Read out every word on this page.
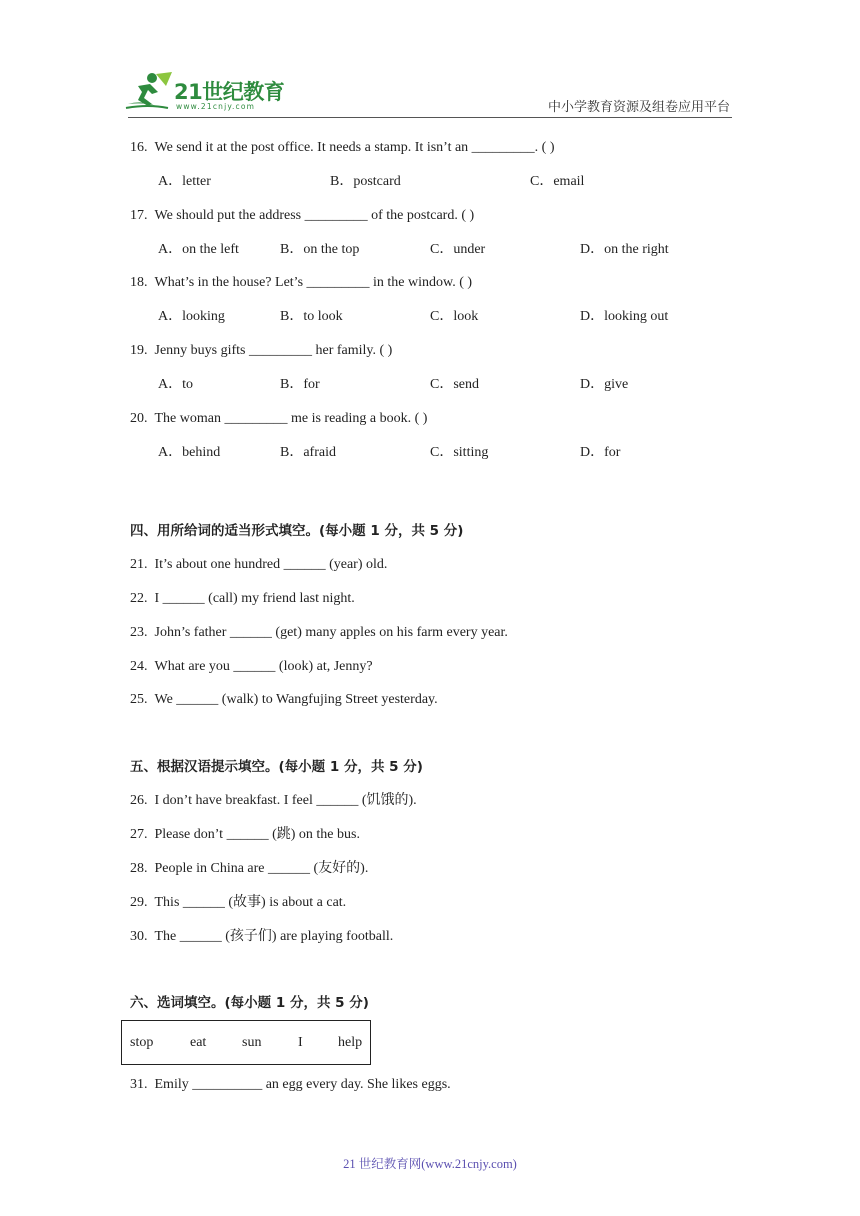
21世纪教育
www.21cnjy.com	中小学教育资源及组卷应用平台
16. We send it at the post office. It needs a stamp. It isn’t an _________. ( )
A．letter	B．postcard	C．email
17. We should put the address _________ of the postcard. ( )
A．on the left	B．on the top	C．under	D．on the right
18. What’s in the house? Let’s _________ in the window. ( )
A．looking	B．to look	C．look	D．looking out
19. Jenny buys gifts _________ her family. ( )
A．to	B．for	C．send	D．give
20. The woman _________ me is reading a book. ( )
A．behind	B．afraid	C．sitting	D．for
四、用所给词的适当形式填空。(每小题 1 分，共 5 分)
21. It’s about one hundred ______ (year) old.
22. I ______ (call) my friend last night.
23. John’s father ______ (get) many apples on his farm every year.
24. What are you ______ (look) at, Jenny?
25. We ______ (walk) to Wangfujing Street yesterday.
五、根据汉语提示填空。(每小题 1 分，共 5 分)
26. I don’t have breakfast. I feel ______ (饥饿的).
27. Please don’t ______ (跳) on the bus.
28. People in China are ______ (友好的).
29. This ______ (故事) is about a cat.
30. The ______ (孩子们) are playing football.
六、选词填空。(每小题 1 分，共 5 分)
stop	eat	sun	I	help
31. Emily __________ an egg every day. She likes eggs.
21 世纪教育网(www.21cnjy.com)
